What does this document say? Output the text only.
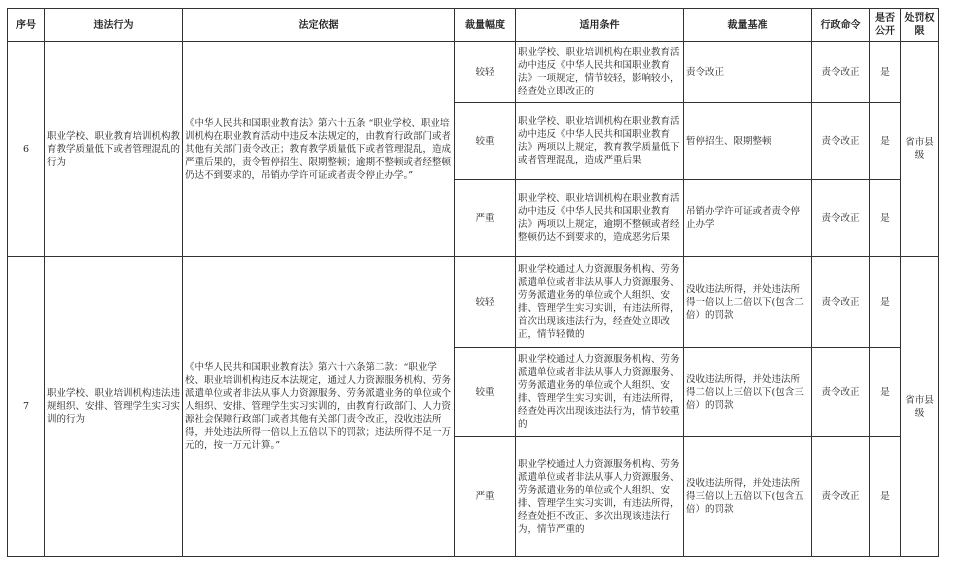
序号	违法行为	法定依据	裁量幅度	适用条件	裁量基准	行政命令	是否公开	处罚权限
6	职业学校、职业教育培训机构教育教学质量低下或者管理混乱的行为	《中华人民共和国职业教育法》第六十五条 “职业学校、职业培训机构在职业教育活动中违反本法规定的，由教育行政部门或者其他有关部门责令改正；教育教学质量低下或者管理混乱，造成严重后果的，责令暂停招生、限期整顿；逾期不整顿或者经整顿仍达不到要求的，吊销办学许可证或者责令停止办学。”	较轻	职业学校、职业培训机构在职业教育活动中违反《中华人民共和国职业教育法》一项规定，情节较轻，影响较小，经查处立即改正的	责令改正	责令改正	是	省市县级
			较重	职业学校、职业培训机构在职业教育活动中违反《中华人民共和国职业教育法》两项以上规定，教育教学质量低下或者管理混乱，造成严重后果	暂停招生、限期整顿	责令改正	是	
			严重	职业学校、职业培训机构在职业教育活动中违反《中华人民共和国职业教育法》两项以上规定，逾期不整顿或者经整顿仍达不到要求的，造成恶劣后果	吊销办学许可证或者责令停止办学	责令改正	是	
7	职业学校、职业培训机构违法违规组织、安排、管理学生实习实训的行为	《中华人民共和国职业教育法》第六十六条第二款：“职业学校、职业培训机构违反本法规定，通过人力资源服务机构、劳务派遣单位或者非法从事人力资源服务、劳务派遣业务的单位或个人组织、安排、管理学生实习实训的，由教育行政部门、人力资源社会保障行政部门或者其他有关部门责令改正，没收违法所得，并处违法所得一倍以上五倍以下的罚款；违法所得不足一万元的，按一万元计算。”	较轻	职业学校通过人力资源服务机构、劳务派遣单位或者非法从事人力资源服务、劳务派遣业务的单位或个人组织、安排、管理学生实习实训，有违法所得，首次出现该违法行为，经查处立即改正，情节轻微的	没收违法所得，并处违法所得一倍以上二倍以下(包含二倍）的罚款	责令改正	是	省市县级
			较重	职业学校通过人力资源服务机构、劳务派遣单位或者非法从事人力资源服务、劳务派遣业务的单位或个人组织、安排、管理学生实习实训，有违法所得，经查处再次出现该违法行为，情节较重的	没收违法所得，并处违法所得二倍以上三倍以下(包含三倍）的罚款	责令改正	是	
			严重	职业学校通过人力资源服务机构、劳务派遣单位或者非法从事人力资源服务、劳务派遣业务的单位或个人组织、安排、管理学生实习实训，有违法所得，经查处拒不改正、多次出现该违法行为，情节严重的	没收违法所得，并处违法所得三倍以上五倍以下(包含五倍）的罚款	责令改正	是	
